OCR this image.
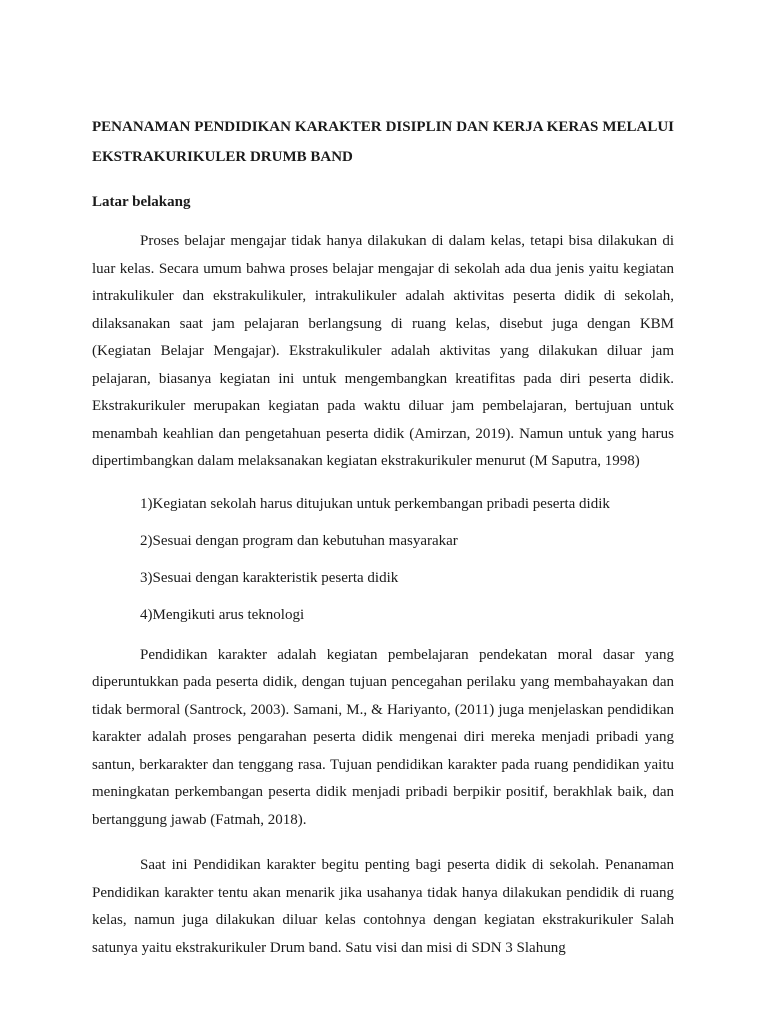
PENANAMAN PENDIDIKAN KARAKTER DISIPLIN DAN KERJA KERAS MELALUI EKSTRAKURIKULER DRUMB BAND
Latar belakang

Proses belajar mengajar tidak hanya dilakukan di dalam kelas, tetapi bisa dilakukan di luar kelas. Secara umum bahwa proses belajar mengajar di sekolah ada dua jenis yaitu kegiatan intrakulikuler dan ekstrakulikuler, intrakulikuler adalah aktivitas peserta didik di sekolah, dilaksanakan saat jam pelajaran berlangsung di ruang kelas, disebut juga dengan KBM (Kegiatan Belajar Mengajar). Ekstrakulikuler adalah aktivitas yang dilakukan diluar jam pelajaran, biasanya kegiatan ini untuk mengembangkan kreatifitas pada diri peserta didik. Ekstrakurikuler merupakan kegiatan pada waktu diluar jam pembelajaran, bertujuan untuk menambah keahlian dan pengetahuan peserta didik (Amirzan, 2019). Namun untuk yang harus dipertimbangkan dalam melaksanakan kegiatan ekstrakurikuler menurut (M Saputra, 1998)

1)Kegiatan sekolah harus ditujukan untuk perkembangan pribadi peserta didik
2)Sesuai dengan program dan kebutuhan masyarakar
3)Sesuai dengan karakteristik peserta didik
4)Mengikuti arus teknologi

Pendidikan karakter adalah kegiatan pembelajaran pendekatan moral dasar yang diperuntukkan pada peserta didik, dengan tujuan pencegahan perilaku yang membahayakan dan tidak bermoral (Santrock, 2003). Samani, M., & Hariyanto, (2011) juga menjelaskan pendidikan karakter adalah proses pengarahan peserta didik mengenai diri mereka menjadi pribadi yang santun, berkarakter dan tenggang rasa. Tujuan pendidikan karakter pada ruang pendidikan yaitu meningkatan perkembangan peserta didik menjadi pribadi berpikir positif, berakhlak baik, dan bertanggung jawab (Fatmah, 2018).

Saat ini Pendidikan karakter begitu penting bagi peserta didik di sekolah. Penanaman Pendidikan karakter tentu akan menarik jika usahanya tidak hanya dilakukan pendidik di ruang kelas, namun juga dilakukan diluar kelas contohnya dengan kegiatan ekstrakurikuler Salah satunya yaitu ekstrakurikuler Drum band. Satu visi dan misi di SDN 3 Slahung
